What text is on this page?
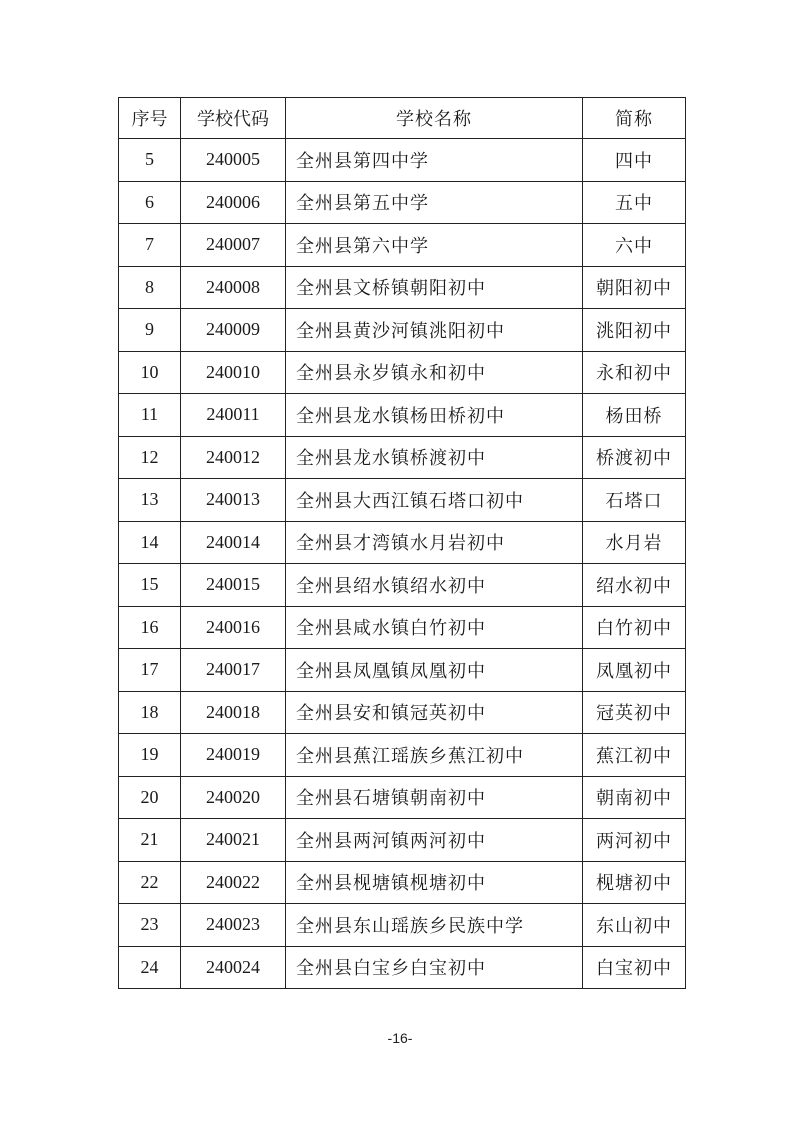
序号	学校代码	学校名称	简称
5	240005	全州县第四中学	四中
6	240006	全州县第五中学	五中
7	240007	全州县第六中学	六中
8	240008	全州县文桥镇朝阳初中	朝阳初中
9	240009	全州县黄沙河镇洮阳初中	洮阳初中
10	240010	全州县永岁镇永和初中	永和初中
11	240011	全州县龙水镇杨田桥初中	杨田桥
12	240012	全州县龙水镇桥渡初中	桥渡初中
13	240013	全州县大西江镇石塔口初中	石塔口
14	240014	全州县才湾镇水月岩初中	水月岩
15	240015	全州县绍水镇绍水初中	绍水初中
16	240016	全州县咸水镇白竹初中	白竹初中
17	240017	全州县凤凰镇凤凰初中	凤凰初中
18	240018	全州县安和镇冠英初中	冠英初中
19	240019	全州县蕉江瑶族乡蕉江初中	蕉江初中
20	240020	全州县石塘镇朝南初中	朝南初中
21	240021	全州县两河镇两河初中	两河初中
22	240022	全州县枧塘镇枧塘初中	枧塘初中
23	240023	全州县东山瑶族乡民族中学	东山初中
24	240024	全州县白宝乡白宝初中	白宝初中
-16-
